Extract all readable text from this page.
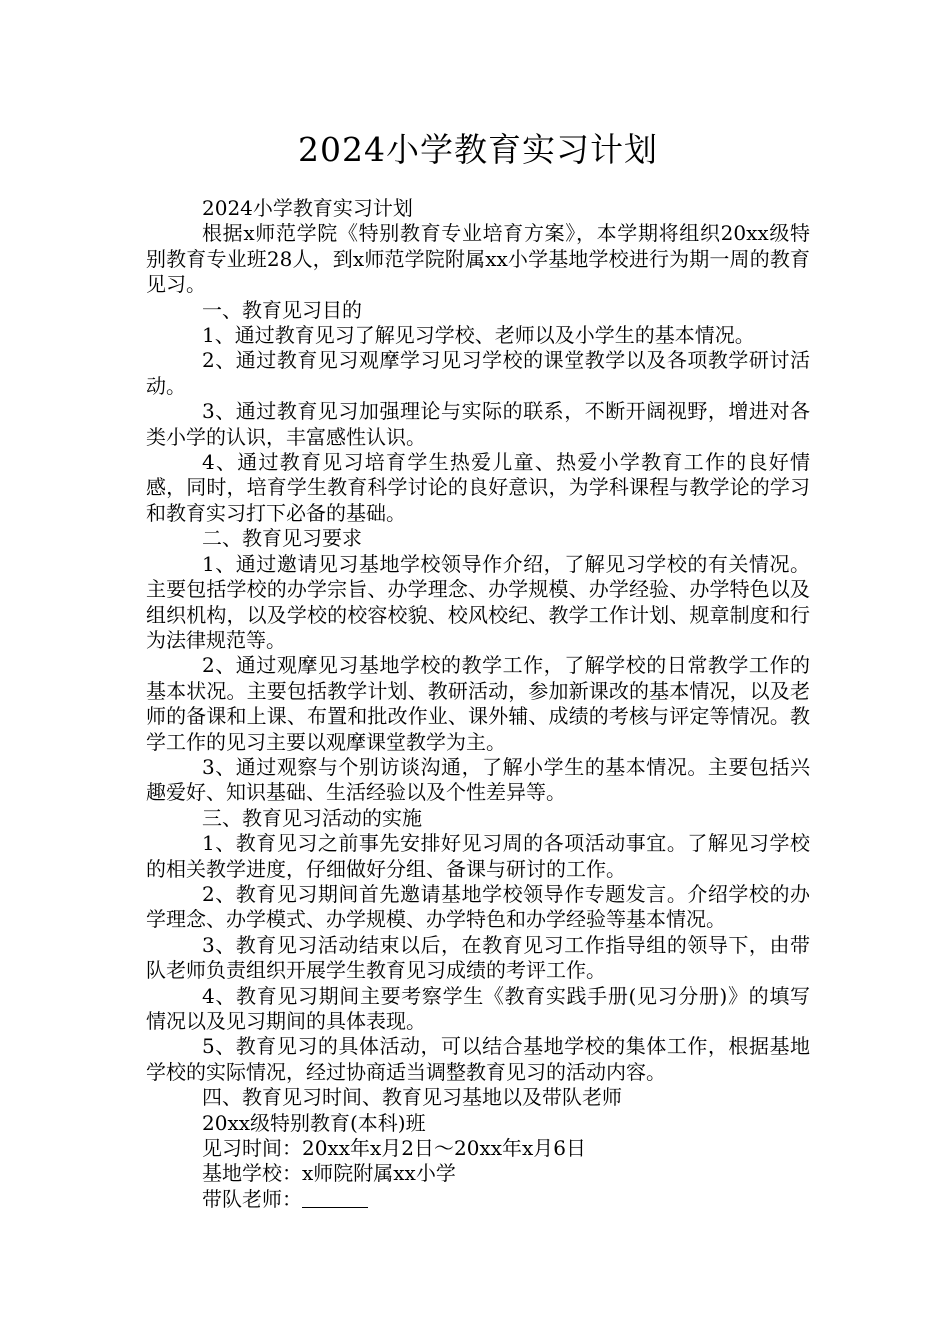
2024小学教育实习计划

2024小学教育实习计划

根据x师范学院《特别教育专业培育方案》，本学期将组织20xx级特别教育专业班28人，到x师范学院附属xx小学基地学校进行为期一周的教育见习。

一、教育见习目的

1、通过教育见习了解见习学校、老师以及小学生的基本情况。

2、通过教育见习观摩学习见习学校的课堂教学以及各项教学研讨活动。

3、通过教育见习加强理论与实际的联系，不断开阔视野，增进对各类小学的认识，丰富感性认识。

4、通过教育见习培育学生热爱儿童、热爱小学教育工作的良好情感，同时，培育学生教育科学讨论的良好意识，为学科课程与教学论的学习和教育实习打下必备的基础。

二、教育见习要求

1、通过邀请见习基地学校领导作介绍，了解见习学校的有关情况。主要包括学校的办学宗旨、办学理念、办学规模、办学经验、办学特色以及组织机构，以及学校的校容校貌、校风校纪、教学工作计划、规章制度和行为法律规范等。

2、通过观摩见习基地学校的教学工作，了解学校的日常教学工作的基本状况。主要包括教学计划、教研活动，参加新课改的基本情况，以及老师的备课和上课、布置和批改作业、课外辅、成绩的考核与评定等情况。教学工作的见习主要以观摩课堂教学为主。

3、通过观察与个别访谈沟通，了解小学生的基本情况。主要包括兴趣爱好、知识基础、生活经验以及个性差异等。

三、教育见习活动的实施

1、教育见习之前事先安排好见习周的各项活动事宜。了解见习学校的相关教学进度，仔细做好分组、备课与研讨的工作。

2、教育见习期间首先邀请基地学校领导作专题发言。介绍学校的办学理念、办学模式、办学规模、办学特色和办学经验等基本情况。

3、教育见习活动结束以后，在教育见习工作指导组的领导下，由带队老师负责组织开展学生教育见习成绩的考评工作。

4、教育见习期间主要考察学生《教育实践手册(见习分册)》的填写情况以及见习期间的具体表现。

5、教育见习的具体活动，可以结合基地学校的集体工作，根据基地学校的实际情况，经过协商适当调整教育见习的活动内容。

四、教育见习时间、教育见习基地以及带队老师

20xx级特别教育(本科)班

见习时间：20xx年x月2日～20xx年x月6日

基地学校：x师院附属xx小学

带队老师：
